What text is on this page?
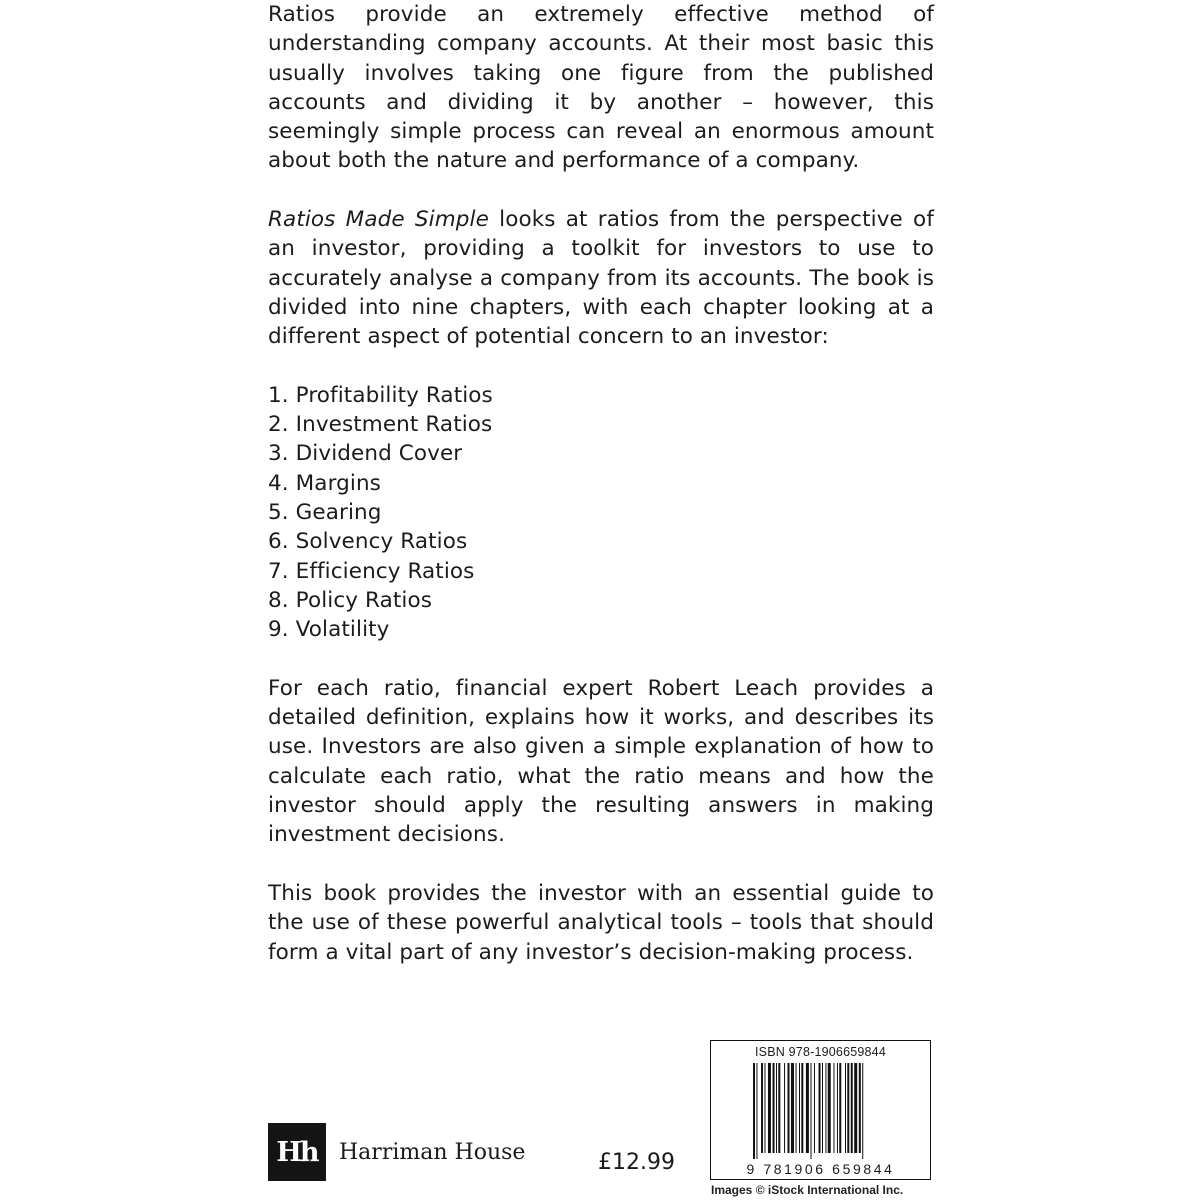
Ratios provide an extremely effective method of understanding company accounts. At their most basic this usually involves taking one figure from the published accounts and dividing it by another – however, this seemingly simple process can reveal an enormous amount about both the nature and performance of a company.

Ratios Made Simple looks at ratios from the perspective of an investor, providing a toolkit for investors to use to accurately analyse a company from its accounts. The book is divided into nine chapters, with each chapter looking at a different aspect of potential concern to an investor:

1. Profitability Ratios
2. Investment Ratios
3. Dividend Cover
4. Margins
5. Gearing
6. Solvency Ratios
7. Efficiency Ratios
8. Policy Ratios
9. Volatility

For each ratio, financial expert Robert Leach provides a detailed definition, explains how it works, and describes its use. Investors are also given a simple explanation of how to calculate each ratio, what the ratio means and how the investor should apply the resulting answers in making investment decisions.

This book provides the investor with an essential guide to the use of these powerful analytical tools – tools that should form a vital part of any investor’s decision-making process.

Hh Harriman House	£12.99
ISBN 978-1906659844
9 781906 659844
Images © iStock International Inc.
